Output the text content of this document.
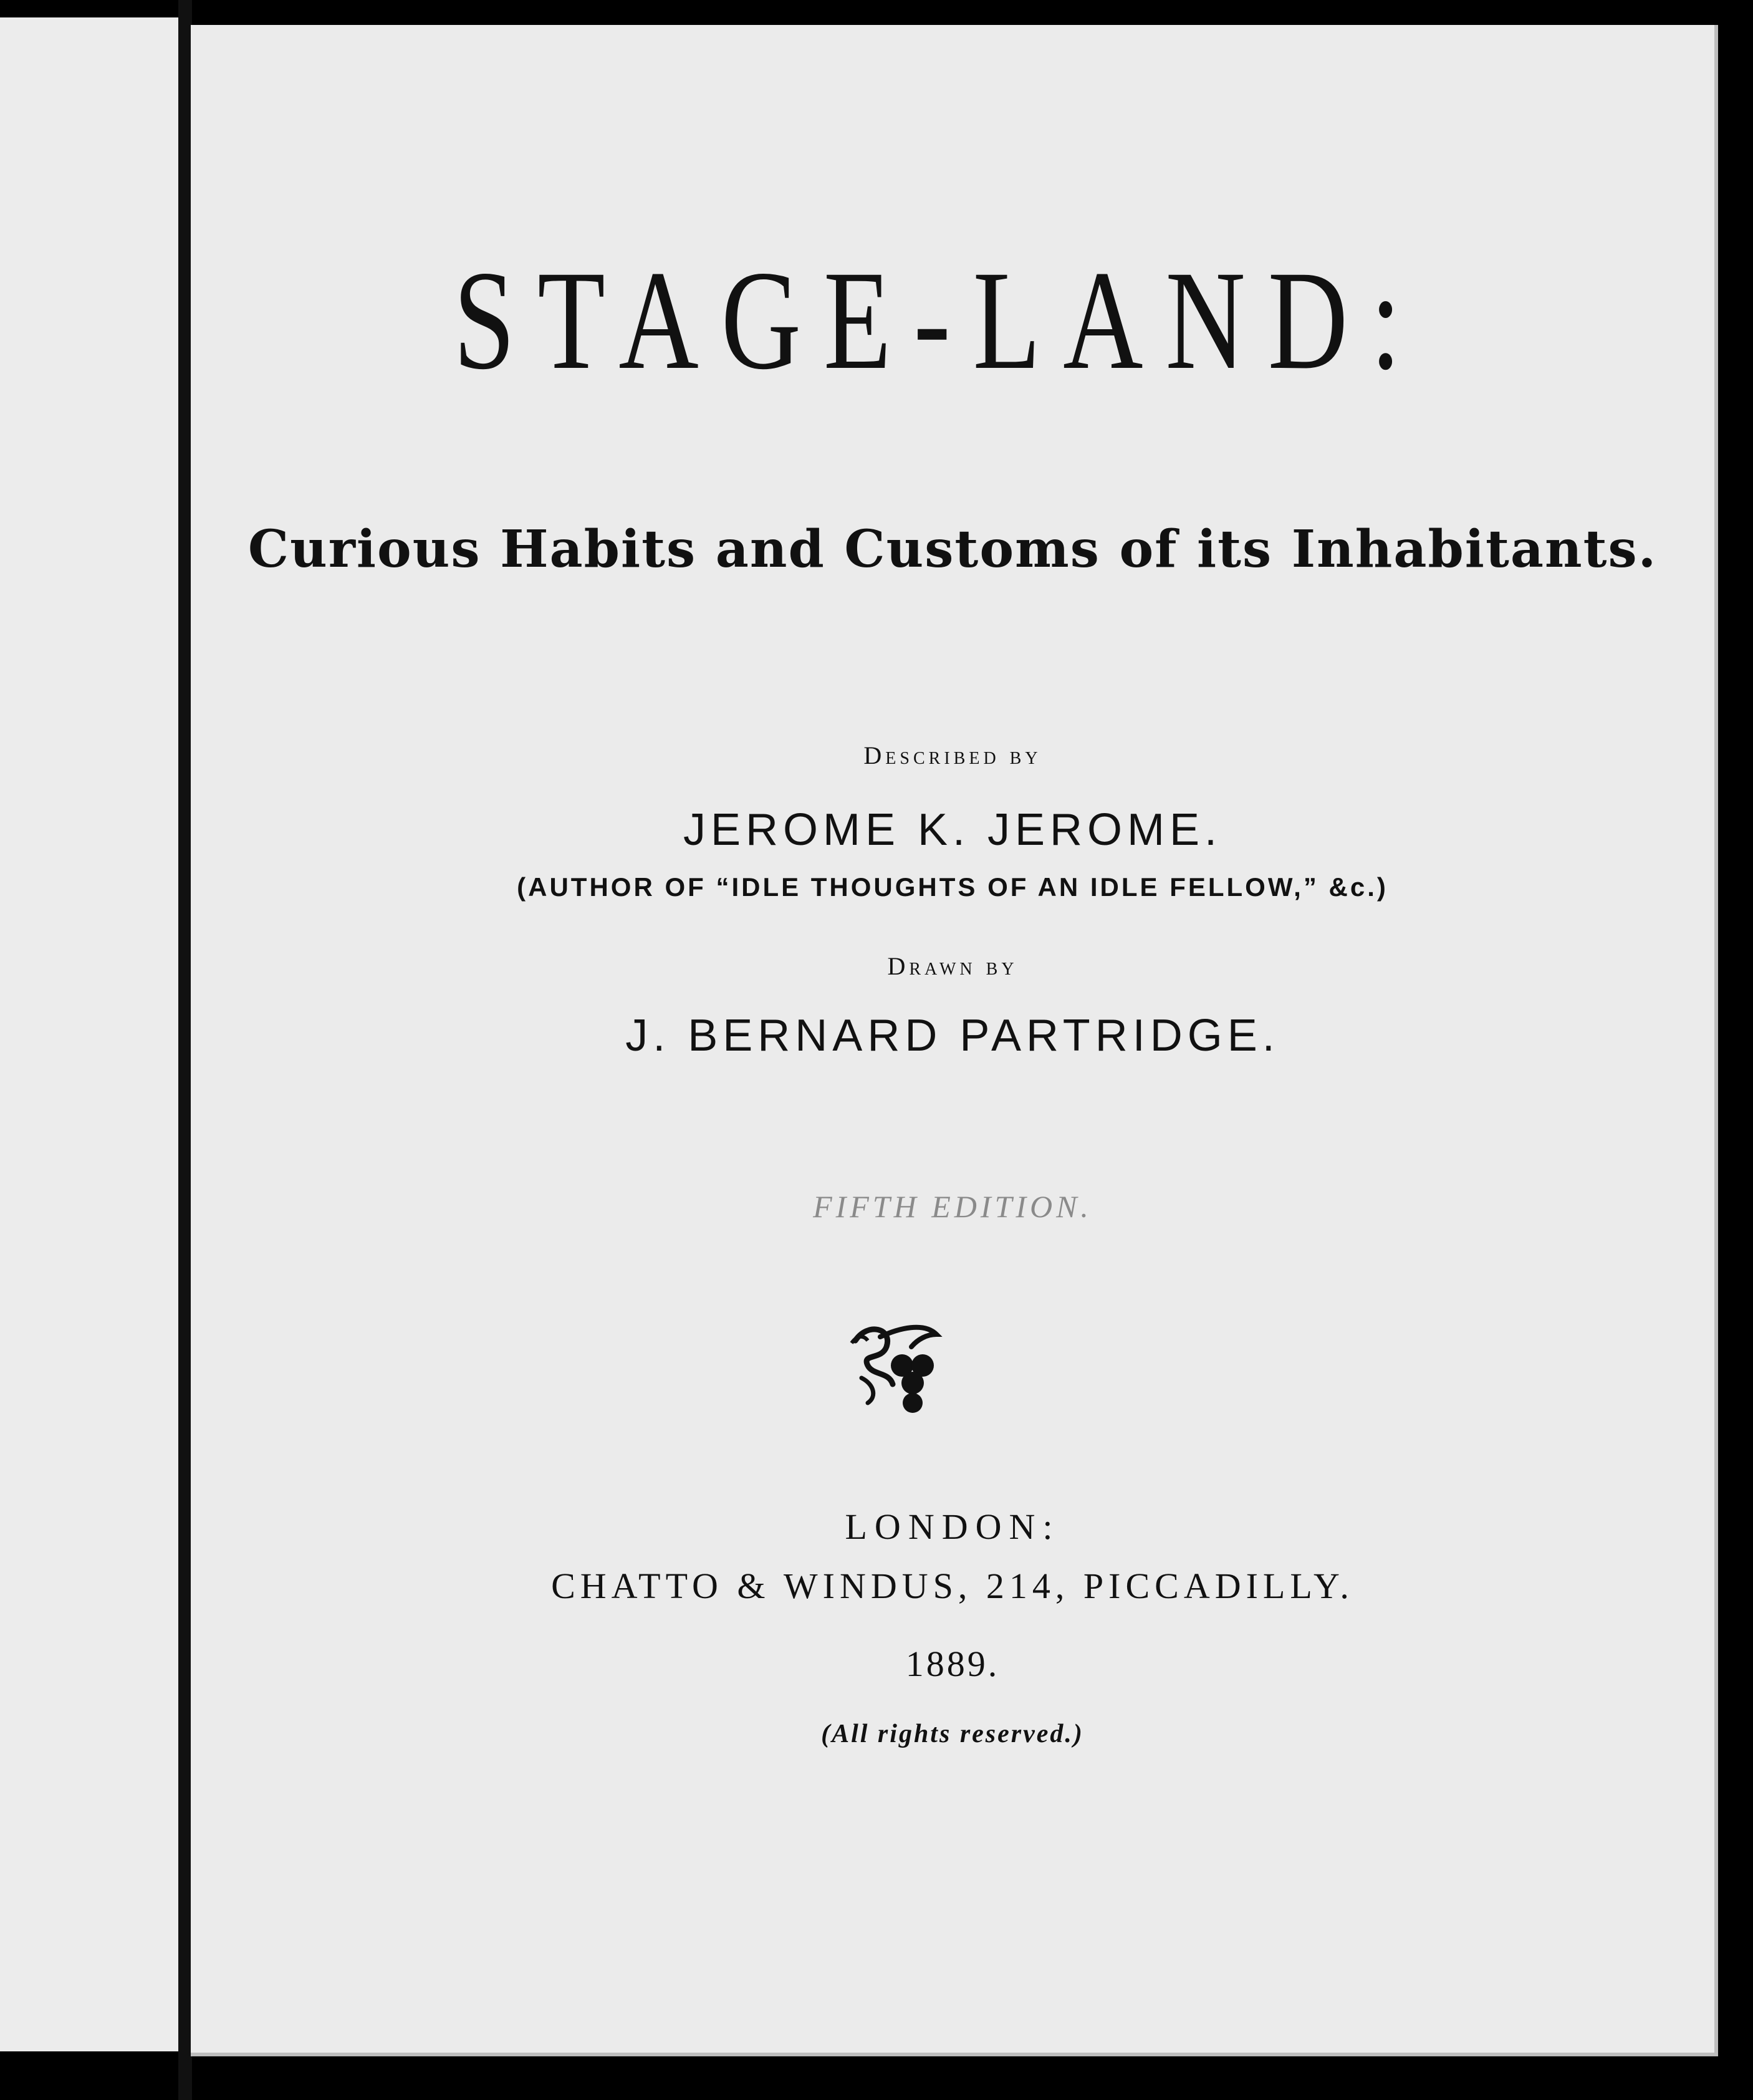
STAGE-LAND:
Curious Habits and Customs of its Inhabitants.
Described by
JEROME K. JEROME.
(AUTHOR OF “IDLE THOUGHTS OF AN IDLE FELLOW,” &c.)
Drawn by
J. BERNARD PARTRIDGE.
FIFTH EDITION.
LONDON:
CHATTO & WINDUS, 214, PICCADILLY.
1889.
(All rights reserved.)
